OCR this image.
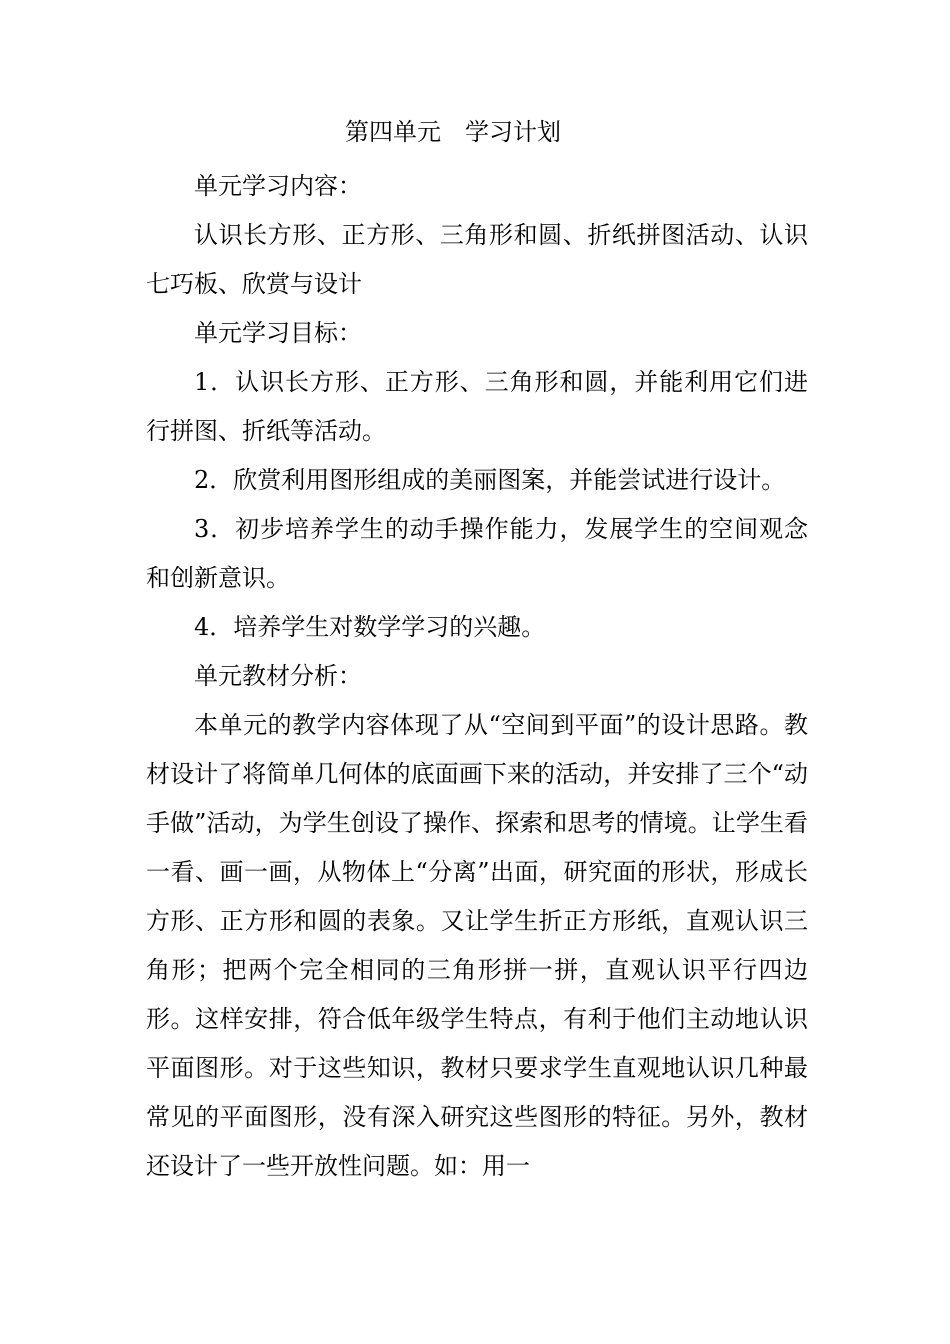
第四单元　学习计划

单元学习内容：

认识长方形、正方形、三角形和圆、折纸拼图活动、认识七巧板、欣赏与设计

单元学习目标：

1．认识长方形、正方形、三角形和圆，并能利用它们进行拼图、折纸等活动。

2．欣赏利用图形组成的美丽图案，并能尝试进行设计。

3．初步培养学生的动手操作能力，发展学生的空间观念和创新意识。

4．培养学生对数学学习的兴趣。

单元教材分析：

本单元的教学内容体现了从“空间到平面”的设计思路。教材设计了将简单几何体的底面画下来的活动，并安排了三个“动手做”活动，为学生创设了操作、探索和思考的情境。让学生看一看、画一画，从物体上“分离”出面，研究面的形状，形成长方形、正方形和圆的表象。又让学生折正方形纸，直观认识三角形；把两个完全相同的三角形拼一拼，直观认识平行四边形。这样安排，符合低年级学生特点，有利于他们主动地认识平面图形。对于这些知识，教材只要求学生直观地认识几种最常见的平面图形，没有深入研究这些图形的特征。另外，教材还设计了一些开放性问题。如：用一
